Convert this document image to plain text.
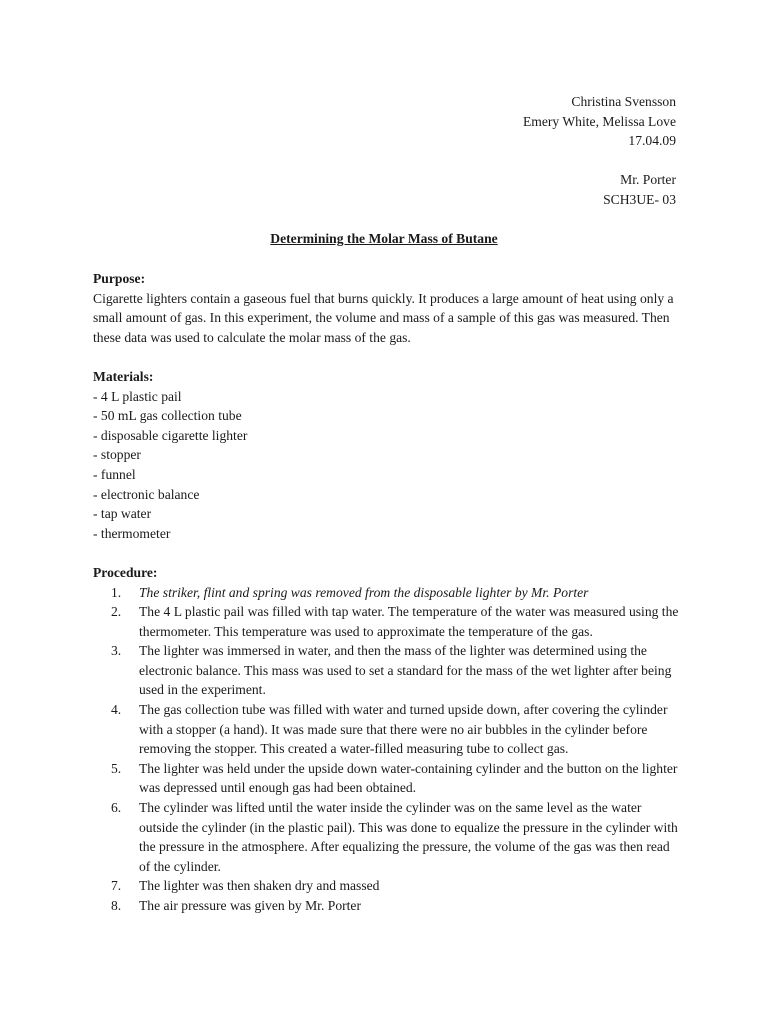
Christina Svensson
Emery White, Melissa Love
17.04.09
Mr. Porter
SCH3UE- 03
Determining the Molar Mass of Butane
Purpose:

Cigarette lighters contain a gaseous fuel that burns quickly. It produces a large amount of heat using only a small amount of gas. In this experiment, the volume and mass of a sample of this gas was measured. Then these data was used to calculate the molar mass of the gas.

Materials:
- 4 L plastic pail
- 50 mL gas collection tube
- disposable cigarette lighter
- stopper
- funnel
- electronic balance
- tap water
- thermometer
Procedure:
1.	The striker, flint and spring was removed from the disposable lighter by Mr. Porter
2.	The 4 L plastic pail was filled with tap water. The temperature of the water was measured using the thermometer. This temperature was used to approximate the temperature of the gas.
3.	The lighter was immersed in water, and then the mass of the lighter was determined using the electronic balance. This mass was used to set a standard for the mass of the wet lighter after being used in the experiment.
4.	The gas collection tube was filled with water and turned upside down, after covering the cylinder with a stopper (a hand). It was made sure that there were no air bubbles in the cylinder before removing the stopper. This created a water-filled measuring tube to collect gas.
5.	The lighter was held under the upside down water-containing cylinder and the button on the lighter was depressed until enough gas had been obtained.
6.	The cylinder was lifted until the water inside the cylinder was on the same level as the water outside the cylinder (in the plastic pail). This was done to equalize the pressure in the cylinder with the pressure in the atmosphere. After equalizing the pressure, the volume of the gas was then read of the cylinder.
7.	The lighter was then shaken dry and massed
8.	The air pressure was given by Mr. Porter
